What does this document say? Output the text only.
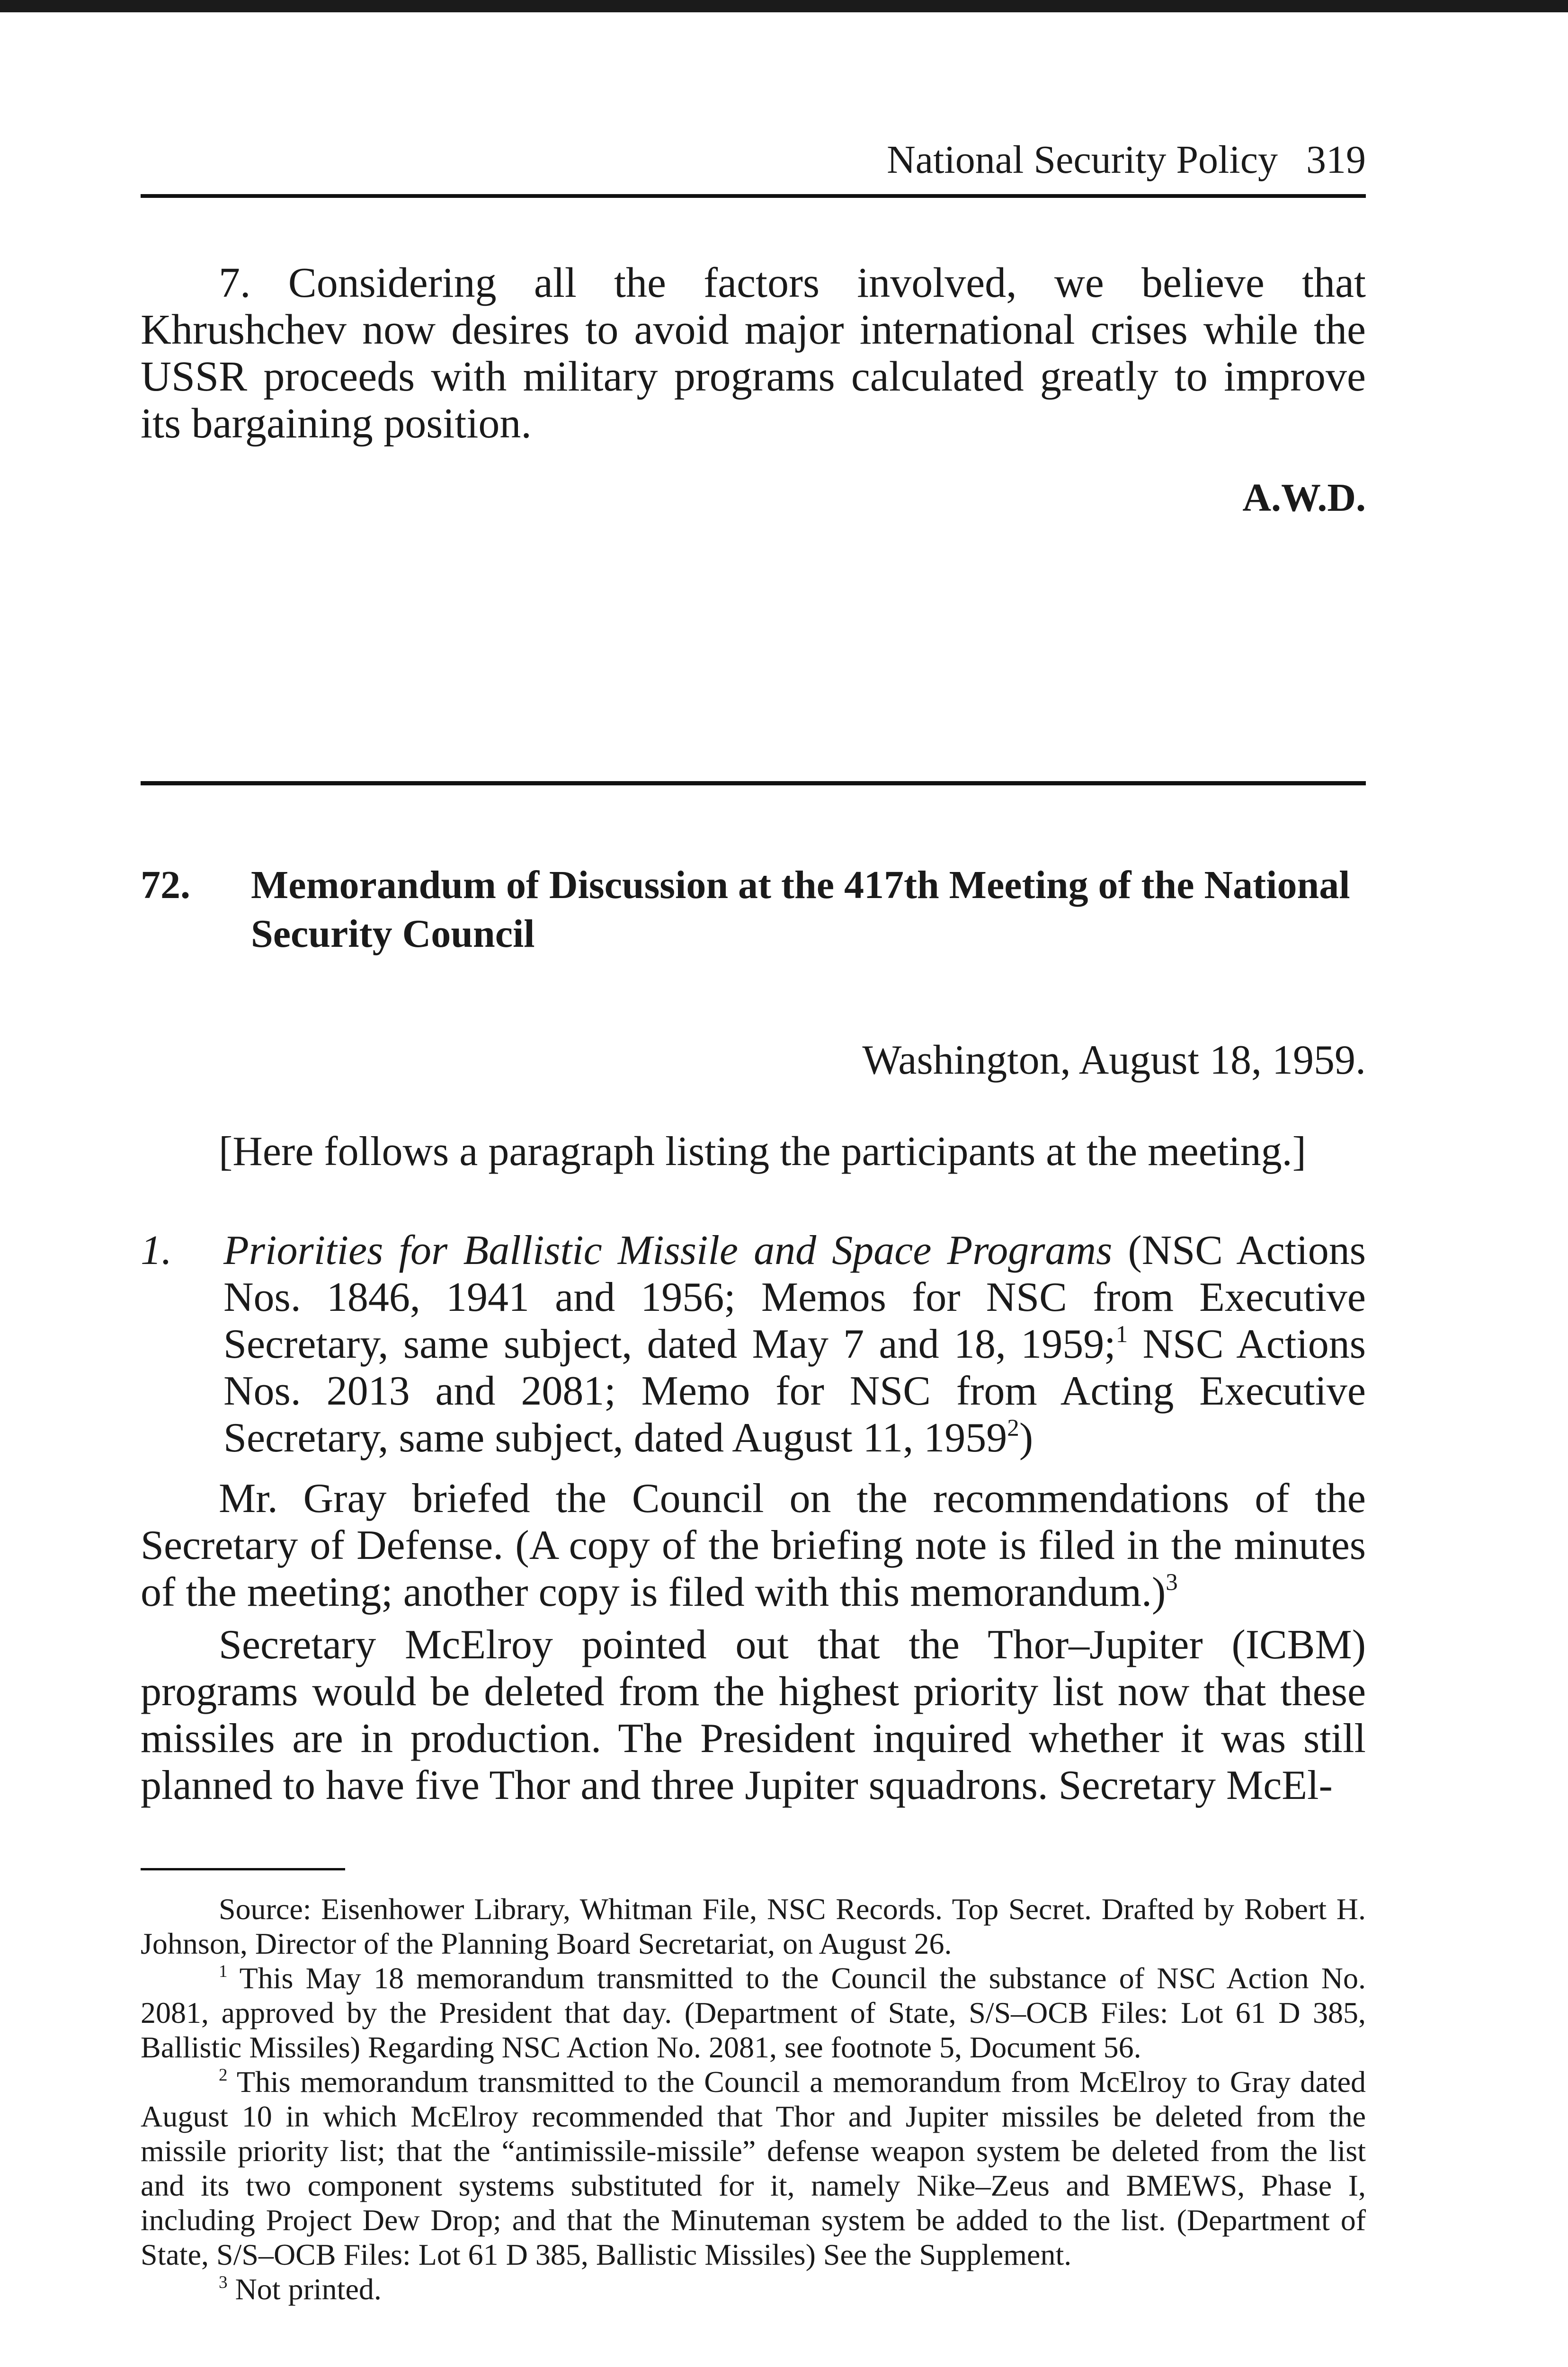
National Security Policy 319

7. Considering all the factors involved, we believe that Khrushchev now desires to avoid major international crises while the USSR proceeds with military programs calculated greatly to improve its bargaining position.

A.W.D.
72. Memorandum of Discussion at the 417th Meeting of the National Security Council
Washington, August 18, 1959.
[Here follows a paragraph listing the participants at the meeting.]
1. Priorities for Ballistic Missile and Space Programs (NSC Actions Nos. 1846, 1941 and 1956; Memos for NSC from Executive Secretary, same subject, dated May 7 and 18, 1959;$^1$ NSC Actions Nos. 2013 and 2081; Memo for NSC from Acting Executive Secretary, same subject, dated August 11, 1959$^2$)

Mr. Gray briefed the Council on the recommendations of the Secretary of Defense. (A copy of the briefing note is filed in the minutes of the meeting; another copy is filed with this memorandum.)$^3$

Secretary McElroy pointed out that the Thor–Jupiter (ICBM) programs would be deleted from the highest priority list now that these missiles are in production. The President inquired whether it was still planned to have five Thor and three Jupiter squadrons. Secretary McEl-

Source: Eisenhower Library, Whitman File, NSC Records. Top Secret. Drafted by Robert H. Johnson, Director of the Planning Board Secretariat, on August 26.

$^1$ This May 18 memorandum transmitted to the Council the substance of NSC Action No. 2081, approved by the President that day. (Department of State, S/S–OCB Files: Lot 61 D 385, Ballistic Missiles) Regarding NSC Action No. 2081, see footnote 5, Document 56.

$^2$ This memorandum transmitted to the Council a memorandum from McElroy to Gray dated August 10 in which McElroy recommended that Thor and Jupiter missiles be deleted from the missile priority list; that the “antimissile-missile” defense weapon system be deleted from the list and its two component systems substituted for it, namely Nike–Zeus and BMEWS, Phase I, including Project Dew Drop; and that the Minuteman system be added to the list. (Department of State, S/S–OCB Files: Lot 61 D 385, Ballistic Missiles) See the Supplement.

$^3$ Not printed.
